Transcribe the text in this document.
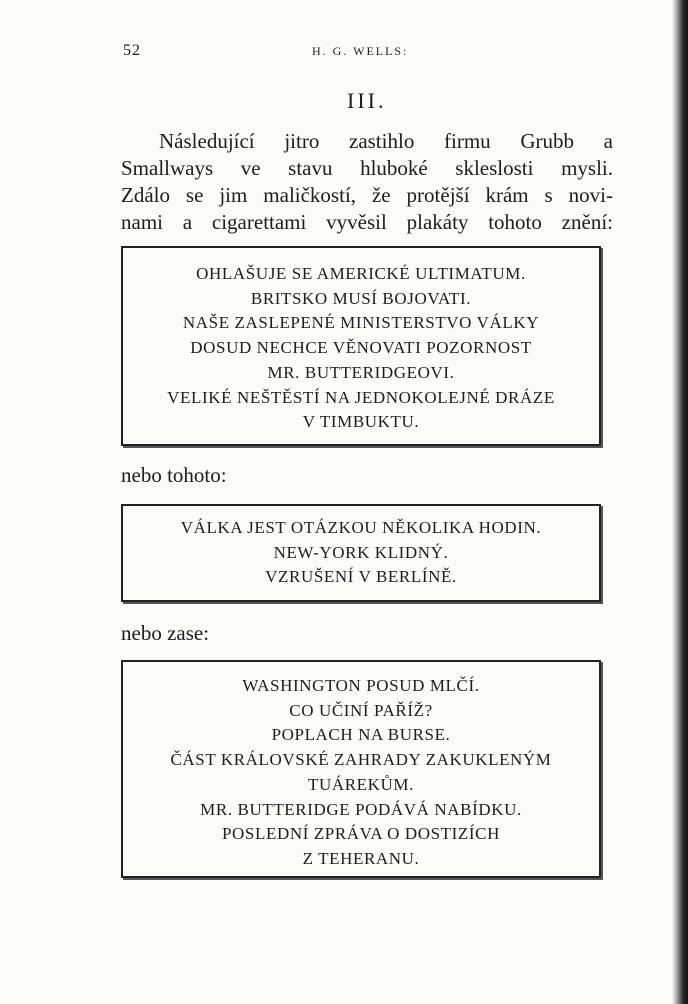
52	H. G. WELLS:
III.
Následující jitro zastihlo firmu Grubb a
Smallways ve stavu hluboké skleslosti mysli.
Zdálo se jim maličkostí, že protější krám s novi-
nami a cigarettami vyvěsil plakáty tohoto znění:
OHLAŠUJE SE AMERICKÉ ULTIMATUM.
BRITSKO MUSÍ BOJOVATI.
NAŠE ZASLEPENÉ MINISTERSTVO VÁLKY
DOSUD NECHCE VĚNOVATI POZORNOST
MR. BUTTERIDGEOVI.
VELIKÉ NEŠTĚSTÍ NA JEDNOKOLEJNÉ DRÁZE
V TIMBUKTU.
nebo tohoto:
VÁLKA JEST OTÁZKOU NĚKOLIKA HODIN.
NEW-YORK KLIDNÝ.
VZRUŠENÍ V BERLÍNĚ.
nebo zase:
WASHINGTON POSUD MLČÍ.
CO UČINÍ PAŘÍŽ?
POPLACH NA BURSE.
ČÁST KRÁLOVSKÉ ZAHRADY ZAKUKLENÝM
TUÁREKŮM.
MR. BUTTERIDGE PODÁVÁ NABÍDKU.
POSLEDNÍ ZPRÁVA O DOSTIZÍCH
Z TEHERANU.
